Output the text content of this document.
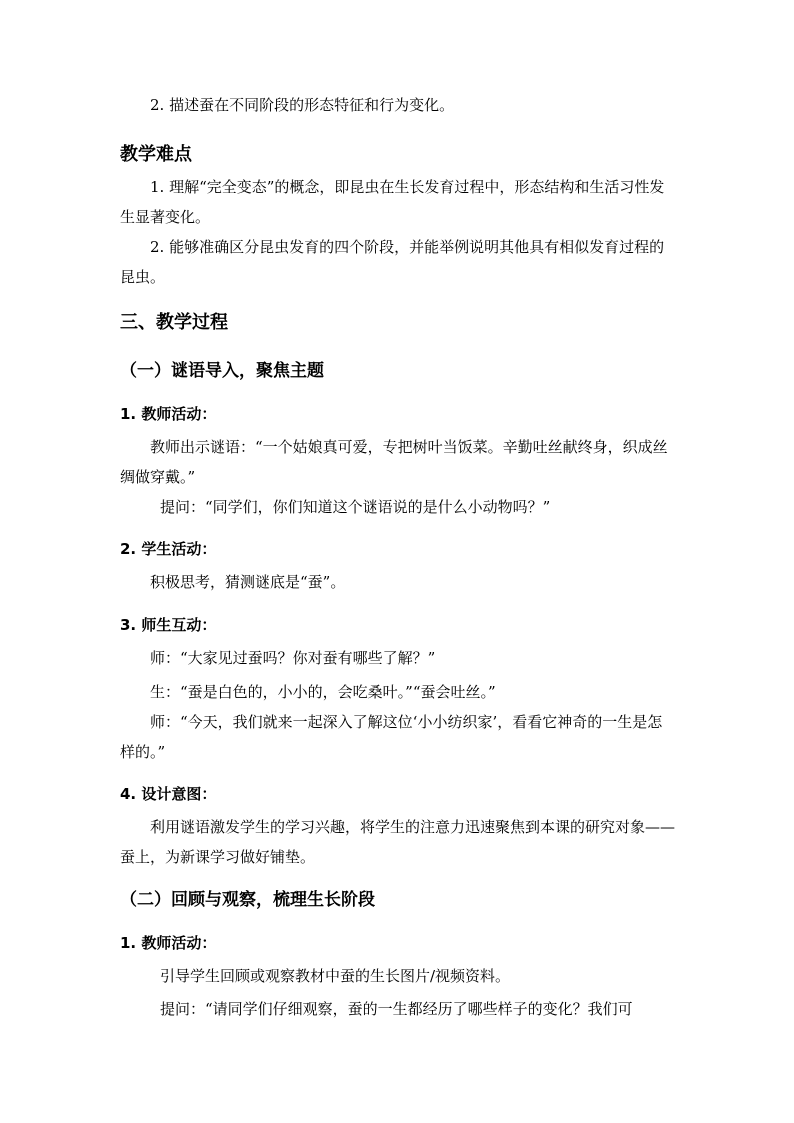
2. 描述蚕在不同阶段的形态特征和行为变化。

教学难点

1. 理解“完全变态”的概念，即昆虫在生长发育过程中，形态结构和生活习性发生显著变化。

2. 能够准确区分昆虫发育的四个阶段，并能举例说明其他具有相似发育过程的昆虫。

三、教学过程
（一）谜语导入，聚焦主题
1. 教师活动：

教师出示谜语：“一个姑娘真可爱，专把树叶当饭菜。辛勤吐丝献终身，织成丝绸做穿戴。”

提问：“同学们，你们知道这个谜语说的是什么小动物吗？”

2. 学生活动：

积极思考，猜测谜底是“蚕”。

3. 师生互动：

师：“大家见过蚕吗？你对蚕有哪些了解？”

生：“蚕是白色的，小小的，会吃桑叶。”“蚕会吐丝。”

师：“今天，我们就来一起深入了解这位‘小小纺织家’，看看它神奇的一生是怎样的。”

4. 设计意图：

利用谜语激发学生的学习兴趣，将学生的注意力迅速聚焦到本课的研究对象——蚕上，为新课学习做好铺垫。

（二）回顾与观察，梳理生长阶段
1. 教师活动：

引导学生回顾或观察教材中蚕的生长图片/视频资料。

提问：“请同学们仔细观察，蚕的一生都经历了哪些样子的变化？我们可
